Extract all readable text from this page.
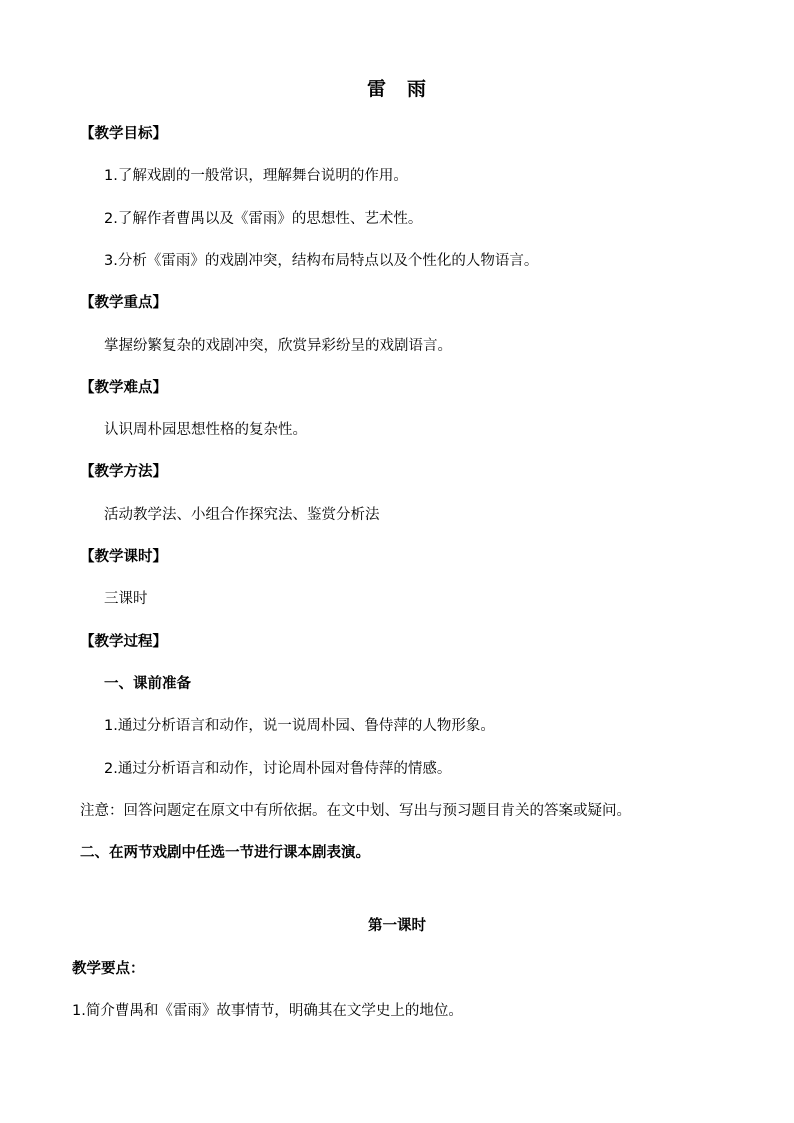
雷　雨
【教学目标】
1.了解戏剧的一般常识，理解舞台说明的作用。
2.了解作者曹禺以及《雷雨》的思想性、艺术性。
3.分析《雷雨》的戏剧冲突，结构布局特点以及个性化的人物语言。
【教学重点】
掌握纷繁复杂的戏剧冲突，欣赏异彩纷呈的戏剧语言。
【教学难点】
认识周朴园思想性格的复杂性。
【教学方法】
活动教学法、小组合作探究法、鉴赏分析法
【教学课时】
三课时
【教学过程】
一、课前准备
1.通过分析语言和动作，说一说周朴园、鲁侍萍的人物形象。
2.通过分析语言和动作，讨论周朴园对鲁侍萍的情感。
注意：回答问题定在原文中有所依据。在文中划、写出与预习题目肯关的答案或疑问。
二、在两节戏剧中任选一节进行课本剧表演。
第一课时
教学要点：
1.简介曹禺和《雷雨》故事情节，明确其在文学史上的地位。
